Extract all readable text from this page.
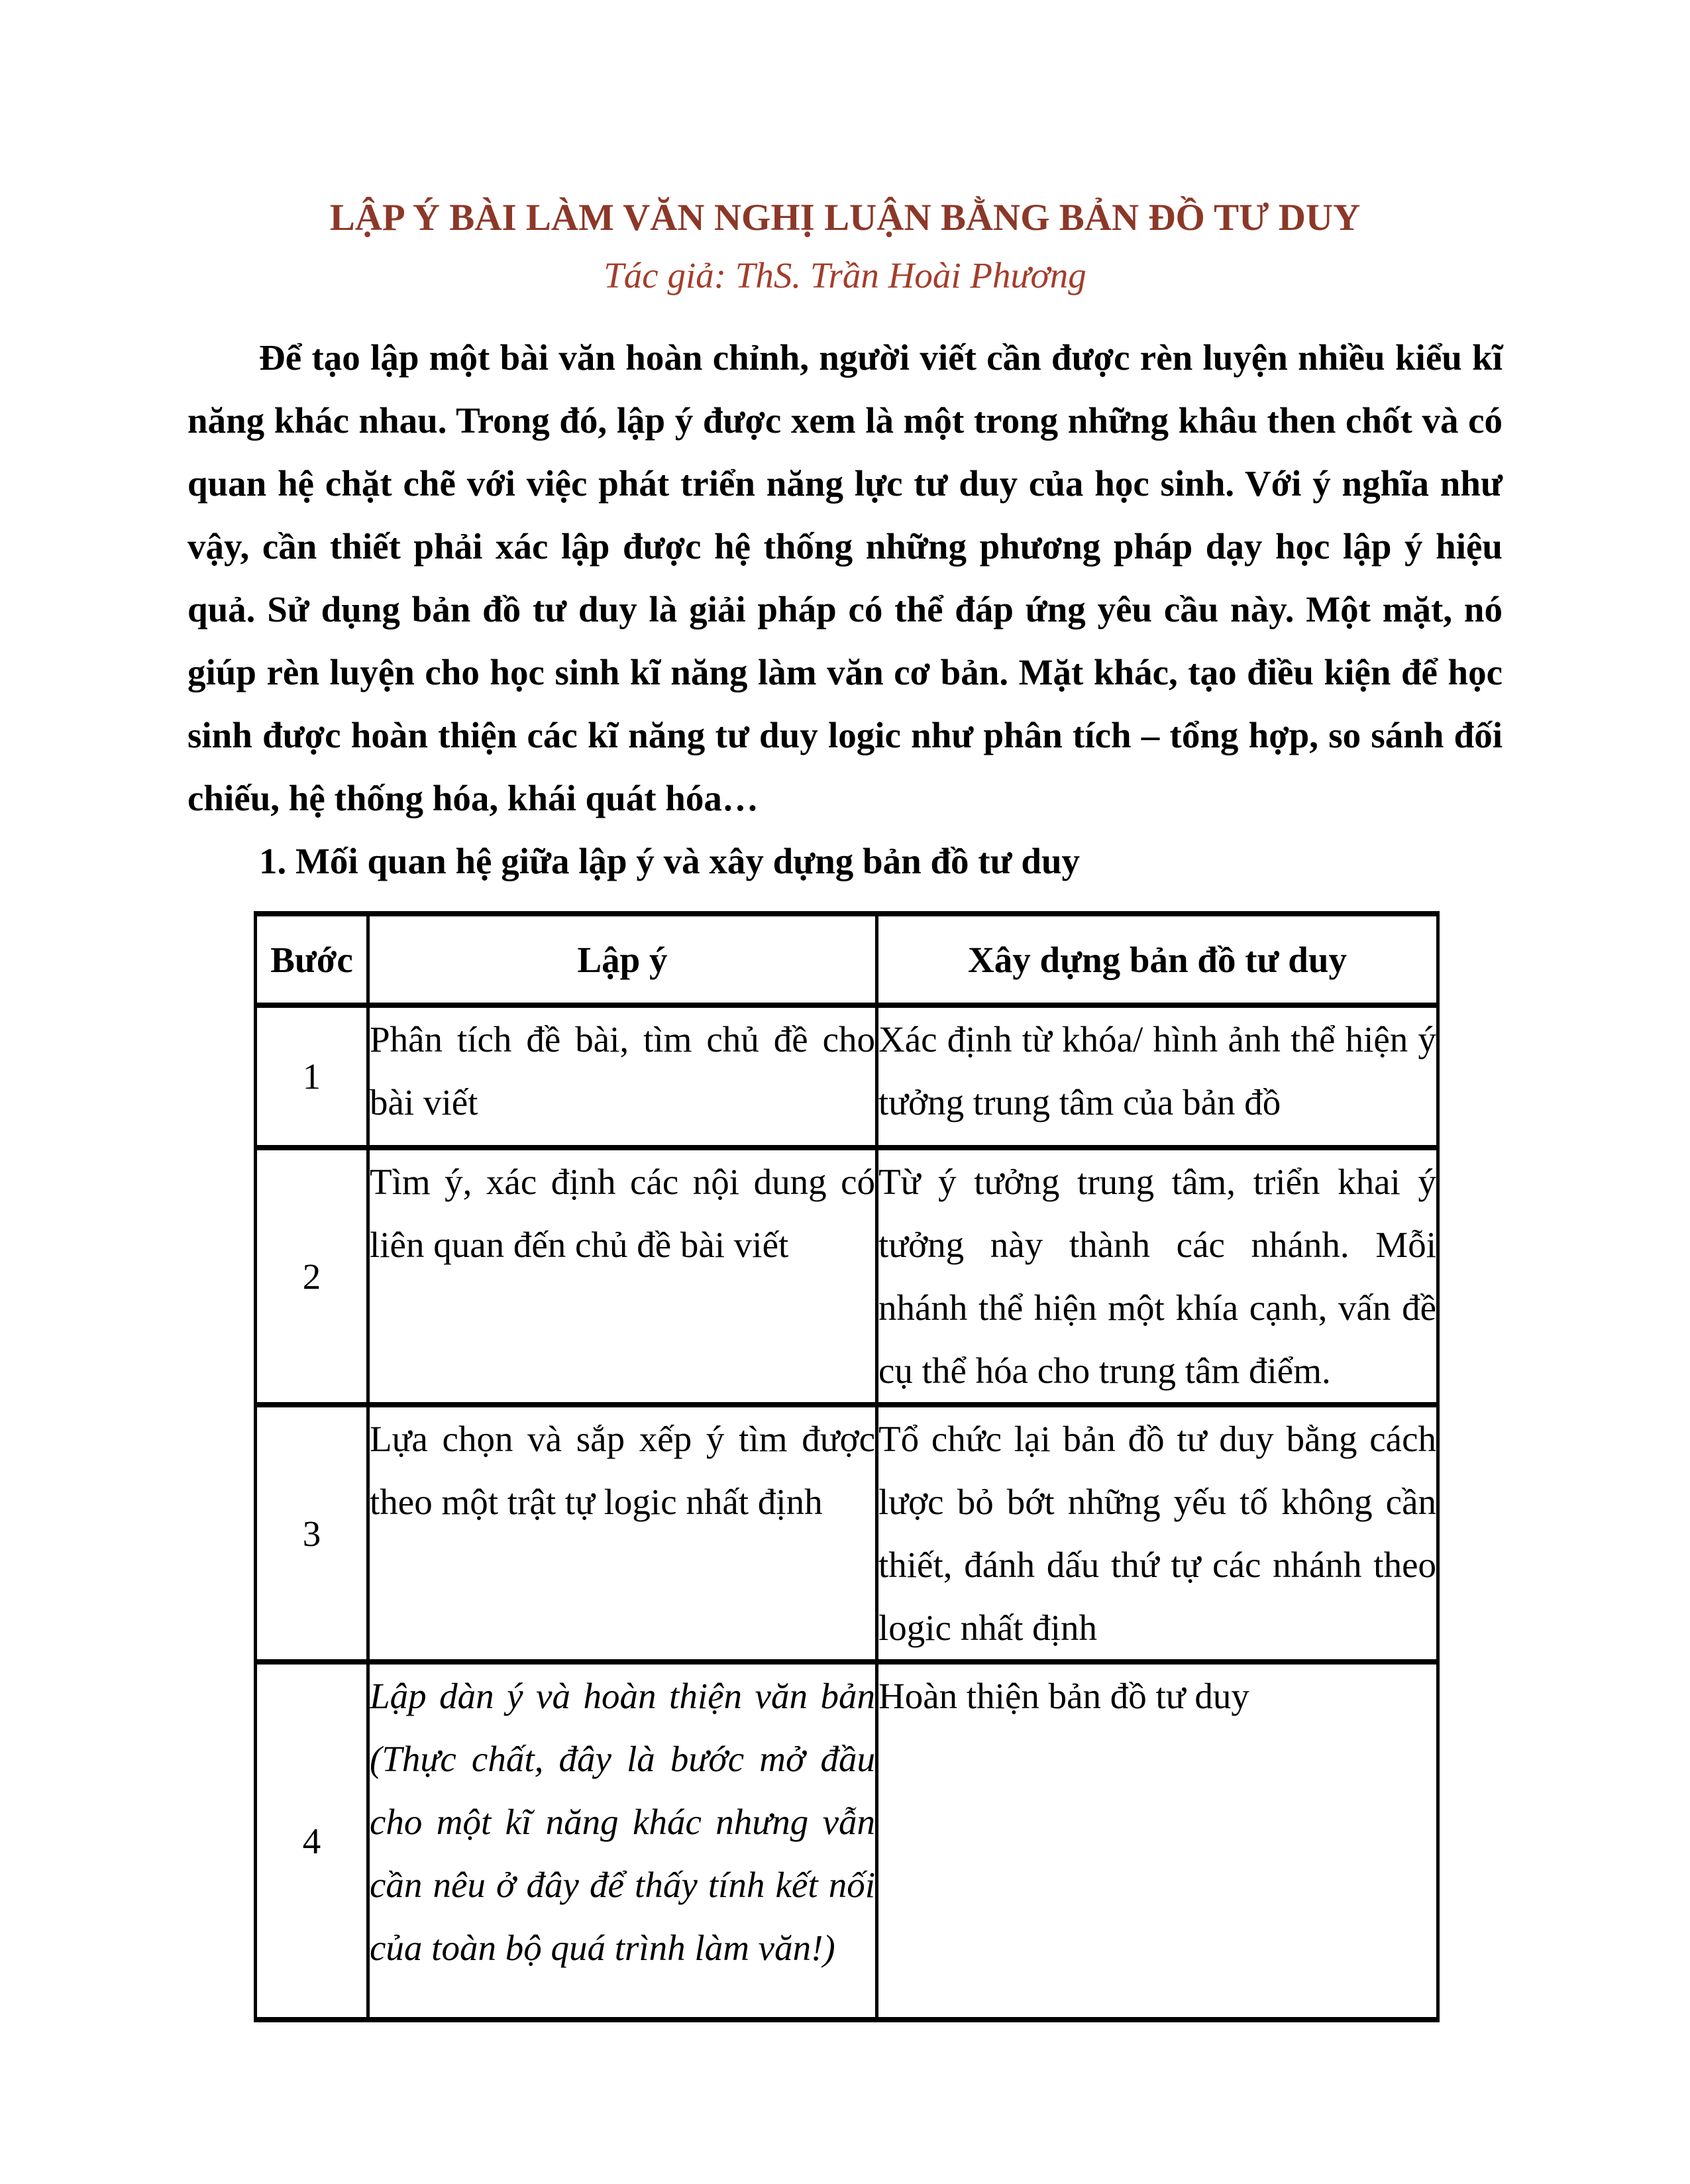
LẬP Ý BÀI LÀM VĂN NGHỊ LUẬN BẰNG BẢN ĐỒ TƯ DUY

Tác giả: ThS. Trần Hoài Phương

Để tạo lập một bài văn hoàn chỉnh, người viết cần được rèn luyện nhiều kiểu kĩ năng khác nhau. Trong đó, lập ý được xem là một trong những khâu then chốt và có quan hệ chặt chẽ với việc phát triển năng lực tư duy của học sinh. Với ý nghĩa như vậy, cần thiết phải xác lập được hệ thống những phương pháp dạy học lập ý hiệu quả. Sử dụng bản đồ tư duy là giải pháp có thể đáp ứng yêu cầu này. Một mặt, nó giúp rèn luyện cho học sinh kĩ năng làm văn cơ bản. Mặt khác, tạo điều kiện để học sinh được hoàn thiện các kĩ năng tư duy logic như phân tích – tổng hợp, so sánh đối chiếu, hệ thống hóa, khái quát hóa…

1. Mối quan hệ giữa lập ý và xây dựng bản đồ tư duy

Bước	Lập ý	Xây dựng bản đồ tư duy
1	Phân tích đề bài, tìm chủ đề cho bài viết	Xác định từ khóa/ hình ảnh thể hiện ý tưởng trung tâm của bản đồ
2	Tìm ý, xác định các nội dung có liên quan đến chủ đề bài viết	Từ ý tưởng trung tâm, triển khai ý tưởng này thành các nhánh. Mỗi nhánh thể hiện một khía cạnh, vấn đề cụ thể hóa cho trung tâm điểm.
3	Lựa chọn và sắp xếp ý tìm được theo một trật tự logic nhất định	Tổ chức lại bản đồ tư duy bằng cách lược bỏ bớt những yếu tố không cần thiết, đánh dấu thứ tự các nhánh theo logic nhất định
4	Lập dàn ý và hoàn thiện văn bản (Thực chất, đây là bước mở đầu cho một kĩ năng khác nhưng vẫn cần nêu ở đây để thấy tính kết nối của toàn bộ quá trình làm văn!)	Hoàn thiện bản đồ tư duy
